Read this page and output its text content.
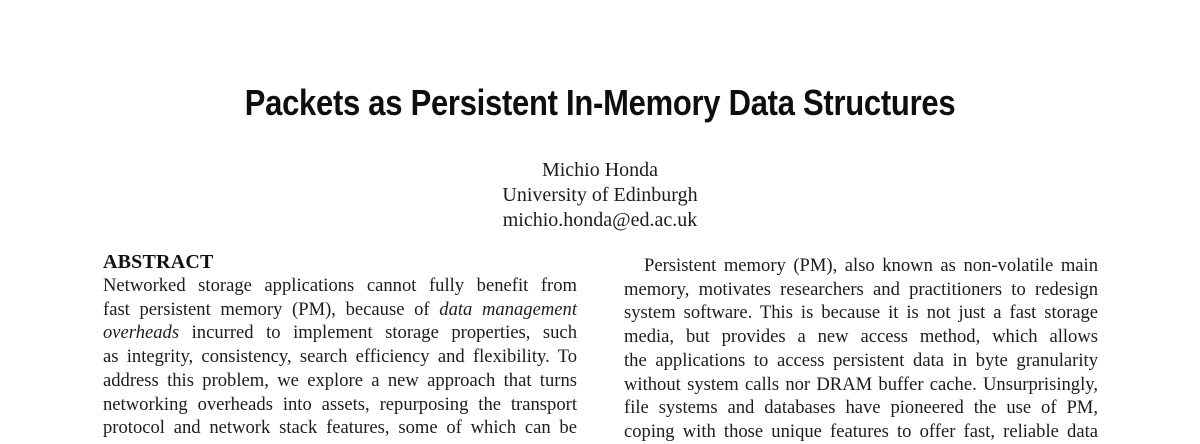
Packets as Persistent In-Memory Data Structures
Michio Honda
University of Edinburgh
michio.honda@ed.ac.uk
ABSTRACT
Networked storage applications cannot fully benefit from
fast persistent memory (PM), because of data management
overheads incurred to implement storage properties, such
as integrity, consistency, search efficiency and flexibility. To
address this problem, we explore a new approach that turns
networking overheads into assets, repurposing the transport
protocol and network stack features, some of which can be
Persistent memory (PM), also known as non-volatile main
memory, motivates researchers and practitioners to redesign
system software. This is because it is not just a fast storage
media, but provides a new access method, which allows
the applications to access persistent data in byte granularity
without system calls nor DRAM buffer cache. Unsurprisingly,
file systems and databases have pioneered the use of PM,
coping with those unique features to offer fast, reliable data
